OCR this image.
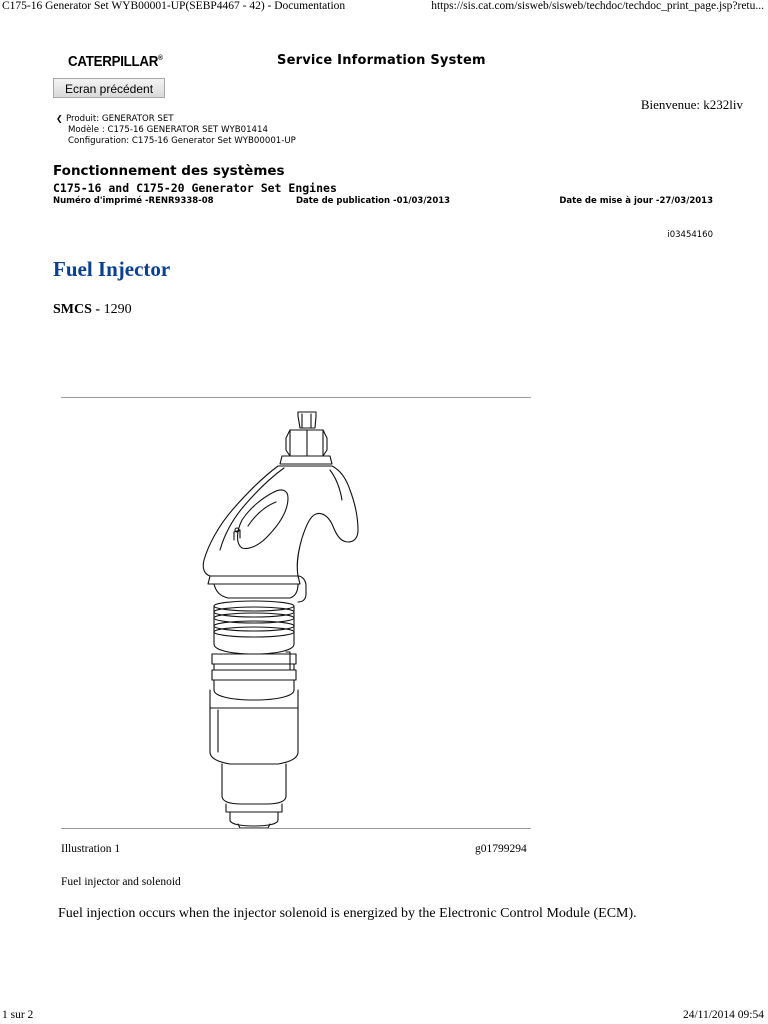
C175-16 Generator Set WYB00001-UP(SEBP4467 - 42) - Documentation	https://sis.cat.com/sisweb/sisweb/techdoc/techdoc_print_page.jsp?retu...
CATERPILLAR®	Service Information System
Ecran précédent
Bienvenue: k232liv
❮ Produit: GENERATOR SET
Modèle : C175-16 GENERATOR SET WYB01414
Configuration: C175-16 Generator Set WYB00001-UP
Fonctionnement des systèmes
C175-16 and C175-20 Generator Set Engines
Numéro d'imprimé -RENR9338-08	Date de publication -01/03/2013	Date de mise à jour -27/03/2013
i03454160
Fuel Injector
SMCS - 1290
Illustration 1	g01799294
Fuel injector and solenoid
Fuel injection occurs when the injector solenoid is energized by the Electronic Control Module (ECM).
1 sur 2	24/11/2014 09:54
